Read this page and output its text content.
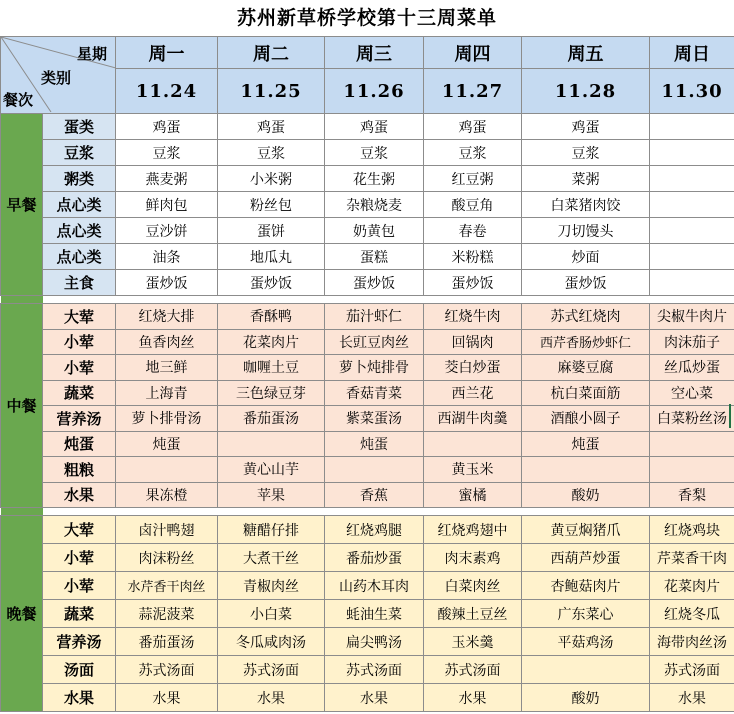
苏州新草桥学校第十三周菜单
星期
类别
餐次		周一	周二	周三	周四	周五	周日
		11.24	11.25	11.26	11.27	11.28	11.30
早餐	蛋类	鸡蛋	鸡蛋	鸡蛋	鸡蛋	鸡蛋	
	豆浆	豆浆	豆浆	豆浆	豆浆	豆浆	
	粥类	燕麦粥	小米粥	花生粥	红豆粥	菜粥	
	点心类	鲜肉包	粉丝包	杂粮烧麦	酸豆角	白菜猪肉饺	
	点心类	豆沙饼	蛋饼	奶黄包	春卷	刀切馒头	
	点心类	油条	地瓜丸	蛋糕	米粉糕	炒面	
	主食	蛋炒饭	蛋炒饭	蛋炒饭	蛋炒饭	蛋炒饭	

中餐	大荤	红烧大排	香酥鸭	茄汁虾仁	红烧牛肉	苏式红烧肉	尖椒牛肉片
	小荤	鱼香肉丝	花菜肉片	长豇豆肉丝	回锅肉	西芹香肠炒虾仁	肉沫茄子
	小荤	地三鲜	咖喱土豆	萝卜炖排骨	茭白炒蛋	麻婆豆腐	丝瓜炒蛋
	蔬菜	上海青	三色绿豆芽	香菇青菜	西兰花	杭白菜面筋	空心菜
	营养汤	萝卜排骨汤	番茄蛋汤	紫菜蛋汤	西湖牛肉羹	酒酿小圆子	白菜粉丝汤
	炖蛋	炖蛋		炖蛋		炖蛋	
	粗粮		黄心山芋		黄玉米		
	水果	果冻橙	苹果	香蕉	蜜橘	酸奶	香梨

晚餐	大荤	卤汁鸭翅	糖醋仔排	红烧鸡腿	红烧鸡翅中	黄豆焖猪爪	红烧鸡块
	小荤	肉沫粉丝	大煮干丝	番茄炒蛋	肉末素鸡	西葫芦炒蛋	芹菜香干肉
	小荤	水芹香干肉丝	青椒肉丝	山药木耳肉	白菜肉丝	杏鲍菇肉片	花菜肉片
	蔬菜	蒜泥菠菜	小白菜	蚝油生菜	酸辣土豆丝	广东菜心	红烧冬瓜
	营养汤	番茄蛋汤	冬瓜咸肉汤	扁尖鸭汤	玉米羹	平菇鸡汤	海带肉丝汤
	汤面	苏式汤面	苏式汤面	苏式汤面	苏式汤面		苏式汤面
	水果	水果	水果	水果	水果	酸奶	水果
